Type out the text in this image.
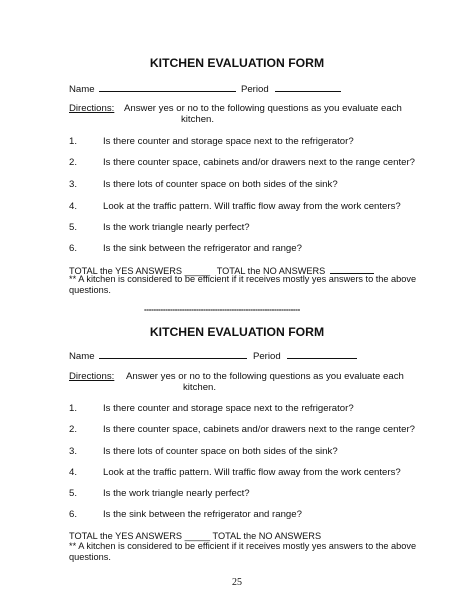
KITCHEN EVALUATION FORM
Name	Period
Directions: Answer yes or no to the following questions as you evaluate each
kitchen.
1.	Is there counter and storage space next to the refrigerator?
2.	Is there counter space, cabinets and/or drawers next to the range center?
3.	Is there lots of counter space on both sides of the sink?
4.	Look at the traffic pattern. Will traffic flow away from the work centers?
5.	Is the work triangle nearly perfect?
6.	Is the sink between the refrigerator and range?
TOTAL the YES ANSWERS _____ TOTAL the NO ANSWERS
** A kitchen is considered to be efficient if it receives mostly yes answers to the above
questions.
------------------------------------------------------------------
KITCHEN EVALUATION FORM
Name	Period
Directions: Answer yes or no to the following questions as you evaluate each
kitchen.
1.	Is there counter and storage space next to the refrigerator?
2.	Is there counter space, cabinets and/or drawers next to the range center?
3.	Is there lots of counter space on both sides of the sink?
4.	Look at the traffic pattern. Will traffic flow away from the work centers?
5.	Is the work triangle nearly perfect?
6.	Is the sink between the refrigerator and range?
TOTAL the YES ANSWERS _____ TOTAL the NO ANSWERS
** A kitchen is considered to be efficient if it receives mostly yes answers to the above
questions.
25
